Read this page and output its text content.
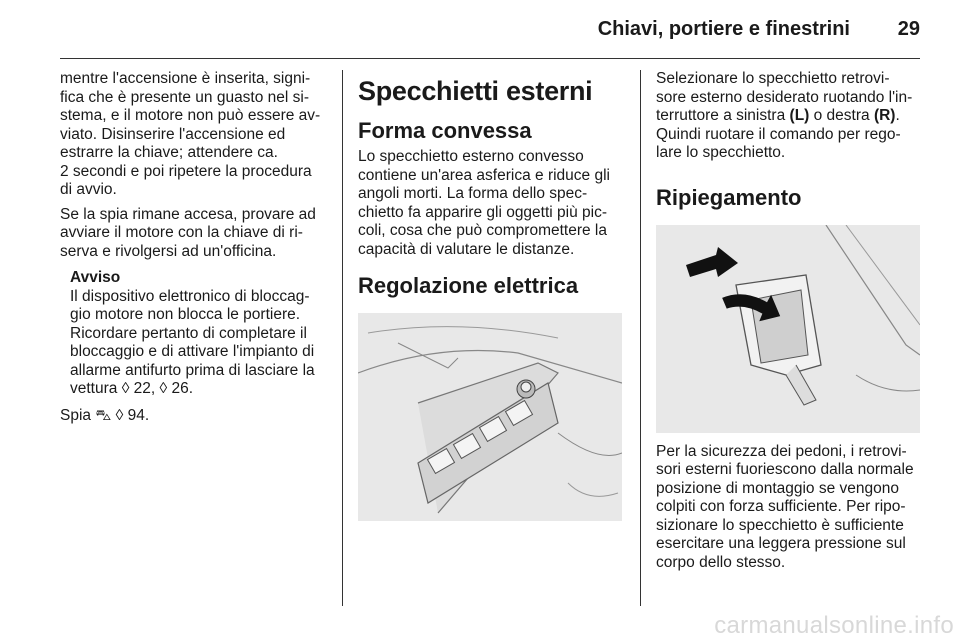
Chiavi, portiere e finestrini 29

mentre l'accensione è inserita, signi-
fica che è presente un guasto nel si-
stema, e il motore non può essere av-
viato. Disinserire l'accensione ed
estrarre la chiave; attendere ca.
2 secondi e poi ripetere la procedura
di avvio.

Se la spia rimane accesa, provare ad
avviare il motore con la chiave di ri-
serva e rivolgersi ad un'officina.

Avviso
Il dispositivo elettronico di bloccag-
gio motore non blocca le portiere.
Ricordare pertanto di completare il
bloccaggio e di attivare l'impianto di
allarme antifurto prima di lasciare la
vettura ◊ 22, ◊ 26.

Spia ⛍ ◊ 94.

Specchietti esterni
Forma convessa

Lo specchietto esterno convesso
contiene un'area asferica e riduce gli
angoli morti. La forma dello spec-
chietto fa apparire gli oggetti più pic-
coli, cosa che può compromettere la
capacità di valutare le distanze.

Regolazione elettrica

Selezionare lo specchietto retrovi-
sore esterno desiderato ruotando l'in-
terruttore a sinistra (L) o destra (R).
Quindi ruotare il comando per rego-
lare lo specchietto.

Ripiegamento

Per la sicurezza dei pedoni, i retrovi-
sori esterni fuoriescono dalla normale
posizione di montaggio se vengono
colpiti con forza sufficiente. Per ripo-
sizionare lo specchietto è sufficiente
esercitare una leggera pressione sul
corpo dello stesso.

carmanualsonline.info
